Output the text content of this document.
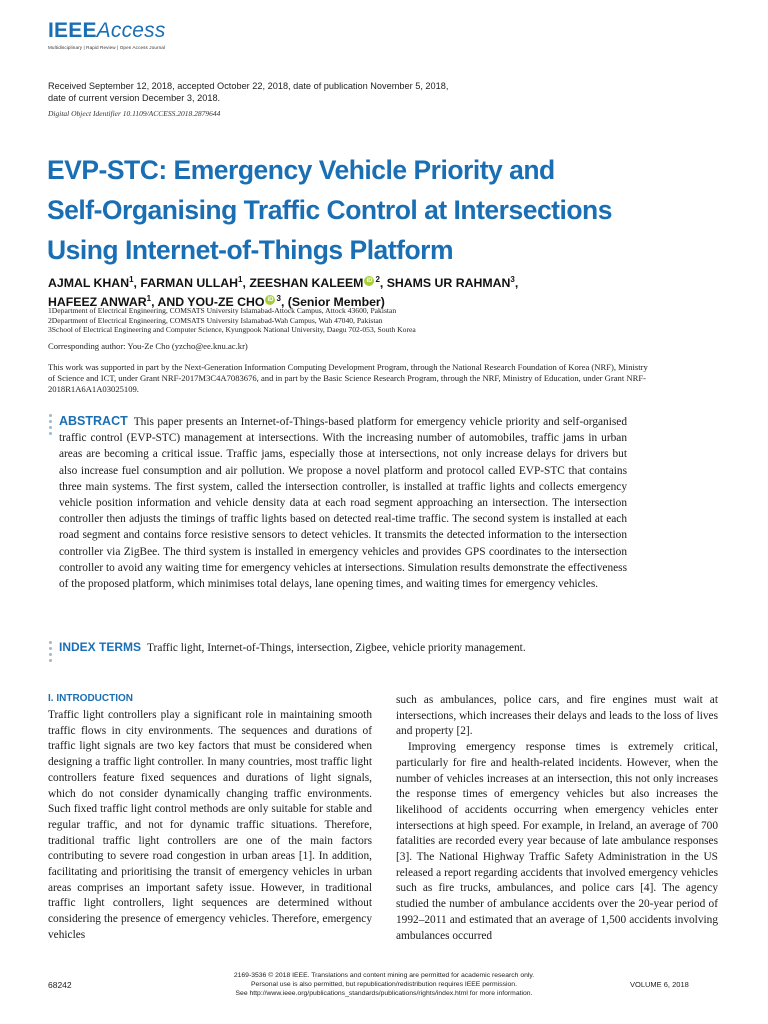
IEEEAccess
Multidisciplinary | Rapid Review | Open Access Journal
Received September 12, 2018, accepted October 22, 2018, date of publication November 5, 2018,
date of current version December 3, 2018.
Digital Object Identifier 10.1109/ACCESS.2018.2879644
EVP-STC: Emergency Vehicle Priority and
Self-Organising Traffic Control at Intersections
Using Internet-of-Things Platform
AJMAL KHAN$^1$, FARMAN ULLAH$^1$, ZEESHAN KALEEM iD $^2$, SHAMS UR RAHMAN$^3$,
HAFEEZ ANWAR$^1$, AND YOU-ZE CHO iD $^3$, (Senior Member)
1Department of Electrical Engineering, COMSATS University Islamabad-Attock Campus, Attock 43600, Pakistan
2Department of Electrical Engineering, COMSATS University Islamabad-Wah Campus, Wah 47040, Pakistan
3School of Electrical Engineering and Computer Science, Kyungpook National University, Daegu 702-053, South Korea
Corresponding author: You-Ze Cho (yzcho@ee.knu.ac.kr)
This work was supported in part by the Next-Generation Information Computing Development Program, through the National Research Foundation of Korea (NRF), Ministry of Science and ICT, under Grant NRF-2017M3C4A7083676, and in part by the Basic Science Research Program, through the NRF, Ministry of Education, under Grant NRF-2018R1A6A1A03025109.
ABSTRACT This paper presents an Internet-of-Things-based platform for emergency vehicle priority and self-organised traffic control (EVP-STC) management at intersections. With the increasing number of automobiles, traffic jams in urban areas are becoming a critical issue. Traffic jams, especially those at intersections, not only increase delays for drivers but also increase fuel consumption and air pollution. We propose a novel platform and protocol called EVP-STC that contains three main systems. The first system, called the intersection controller, is installed at traffic lights and collects emergency vehicle position information and vehicle density data at each road segment approaching an intersection. The intersection controller then adjusts the timings of traffic lights based on detected real-time traffic. The second system is installed at each road segment and contains force resistive sensors to detect vehicles. It transmits the detected information to the intersection controller via ZigBee. The third system is installed in emergency vehicles and provides GPS coordinates to the intersection controller to avoid any waiting time for emergency vehicles at intersections. Simulation results demonstrate the effectiveness of the proposed platform, which minimises total delays, lane opening times, and waiting times for emergency vehicles.
INDEX TERMS Traffic light, Internet-of-Things, intersection, Zigbee, vehicle priority management.
I. INTRODUCTION

Traffic light controllers play a significant role in maintaining smooth traffic flows in city environments. The sequences and durations of traffic light signals are two key factors that must be considered when designing a traffic light controller. In many countries, most traffic light controllers feature fixed sequences and durations of light signals, which do not consider dynamically changing traffic environments. Such fixed traffic light control methods are only suitable for stable and regular traffic, and not for dynamic traffic situations. Therefore, traditional traffic light controllers are one of the main factors contributing to severe road congestion in urban areas [1]. In addition, facilitating and prioritising the transit of emergency vehicles in urban areas comprises an important safety issue. However, in traditional traffic light controllers, light sequences are determined without considering the presence of emergency vehicles. Therefore, emergency vehicles

such as ambulances, police cars, and fire engines must wait at intersections, which increases their delays and leads to the loss of lives and property [2].

Improving emergency response times is extremely critical, particularly for fire and health-related incidents. However, when the number of vehicles increases at an intersection, this not only increases the response times of emergency vehicles but also increases the likelihood of accidents occurring when emergency vehicles enter intersections at high speed. For example, in Ireland, an average of 700 fatalities are recorded every year because of late ambulance responses [3]. The National Highway Traffic Safety Administration in the US released a report regarding accidents that involved emergency vehicles such as fire trucks, ambulances, and police cars [4]. The agency studied the number of ambulance accidents over the 20-year period of 1992–2011 and estimated that an average of 1,500 accidents involving ambulances occurred

68242
2169-3536 © 2018 IEEE. Translations and content mining are permitted for academic research only.
Personal use is also permitted, but republication/redistribution requires IEEE permission.
See http://www.ieee.org/publications_standards/publications/rights/index.html for more information.
VOLUME 6, 2018
